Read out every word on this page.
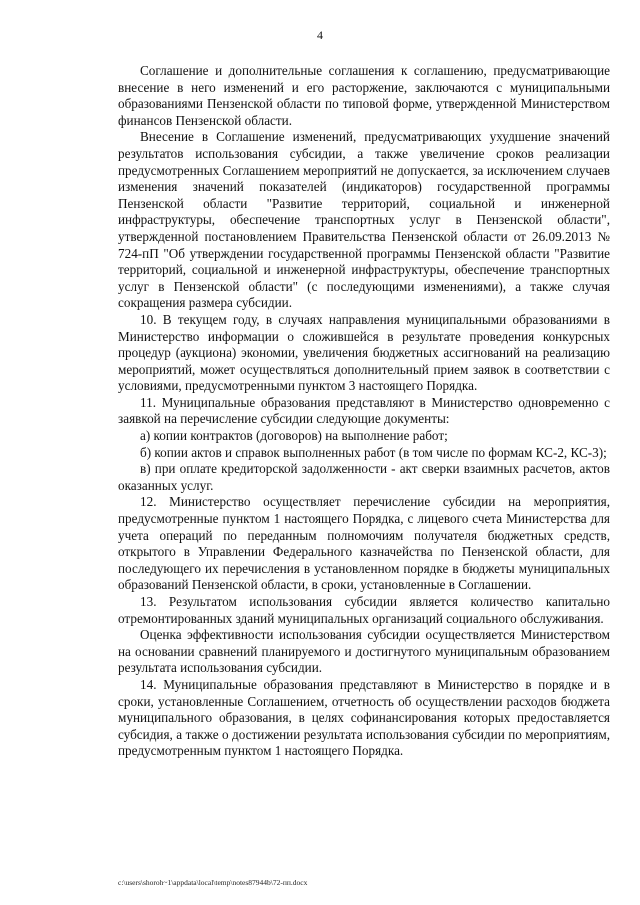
4

Соглашение и дополнительные соглашения к соглашению, предусматривающие внесение в него изменений и его расторжение, заключаются с муниципальными образованиями Пензенской области по типовой форме, утвержденной Министерством финансов Пензенской области.

Внесение в Соглашение изменений, предусматривающих ухудшение значений результатов использования субсидии, а также увеличение сроков реализации предусмотренных Соглашением мероприятий не допускается, за исключением случаев изменения значений показателей (индикаторов) государственной программы Пензенской области "Развитие территорий, социальной и инженерной инфраструктуры, обеспечение транспортных услуг в Пензенской области", утвержденной постановлением Правительства Пензенской области от 26.09.2013 № 724-пП "Об утверждении государственной программы Пензенской области "Развитие территорий, социальной и инженерной инфраструктуры, обеспечение транспортных услуг в Пензенской области" (с последующими изменениями), а также случая сокращения размера субсидии.

10. В текущем году, в случаях направления муниципальными образованиями в Министерство информации о сложившейся в результате проведения конкурсных процедур (аукциона) экономии, увеличения бюджетных ассигнований на реализацию мероприятий, может осуществляться дополнительный прием заявок в соответствии с условиями, предусмотренными пунктом 3 настоящего Порядка.

11. Муниципальные образования представляют в Министерство одновременно с заявкой на перечисление субсидии следующие документы:

а) копии контрактов (договоров) на выполнение работ;

б) копии актов и справок выполненных работ (в том числе по формам КС-2, КС-3);

в) при оплате кредиторской задолженности - акт сверки взаимных расчетов, актов оказанных услуг.

12. Министерство осуществляет перечисление субсидии на мероприятия, предусмотренные пунктом 1 настоящего Порядка, с лицевого счета Министерства для учета операций по переданным полномочиям получателя бюджетных средств, открытого в Управлении Федерального казначейства по Пензенской области, для последующего их перечисления в установленном порядке в бюджеты муниципальных образований Пензенской области, в сроки, установленные в Соглашении.

13. Результатом использования субсидии является количество капитально отремонтированных зданий муниципальных организаций социального обслуживания.

Оценка эффективности использования субсидии осуществляется Министерством на основании сравнений планируемого и достигнутого муниципальным образованием результата использования субсидии.

14. Муниципальные образования представляют в Министерство в порядке и в сроки, установленные Соглашением, отчетность об осуществлении расходов бюджета муниципального образования, в целях софинансирования которых предоставляется субсидия, а также о достижении результата использования субсидии по мероприятиям, предусмотренным пунктом 1 настоящего Порядка.

c:\users\shoroh~1\appdata\local\temp\notes87944b\72-пп.docx
